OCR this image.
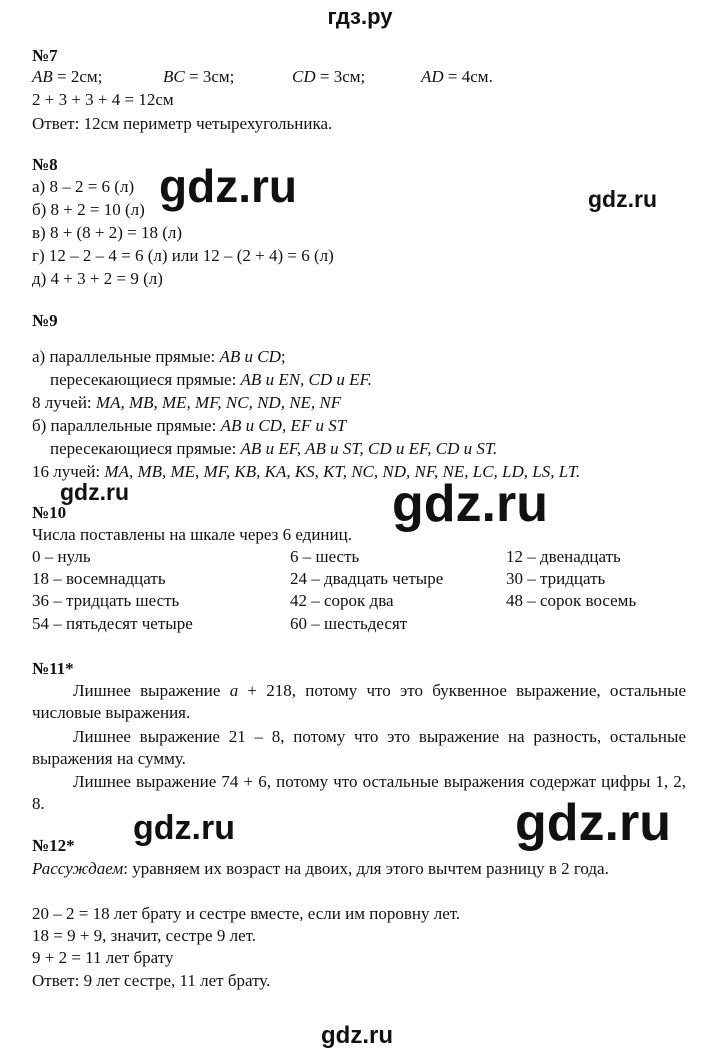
гдз.ру
gdz.ru	gdz.ru
gdz.ru	gdz.ru
gdz.ru	gdz.ru
gdz.ru
№7
AB = 2см;	BC = 3см;	CD = 3см;	AD = 4см.
2 + 3 + 3 + 4 = 12см
Ответ: 12см периметр четырехугольника.
№8
а) 8 – 2 = 6 (л)
б) 8 + 2 = 10 (л)
в) 8 + (8 + 2) = 18 (л)
г) 12 – 2 – 4 = 6 (л) или 12 – (2 + 4) = 6 (л)
д) 4 + 3 + 2 = 9 (л)
№9
а) параллельные прямые: AB и CD;
пересекающиеся прямые: AB и EN, CD и EF.
8 лучей: MA, MB, ME, MF, NC, ND, NE, NF
б) параллельные прямые: AB и CD, EF и ST
пересекающиеся прямые: AB и EF, AB и ST, CD и EF, CD и ST.
16 лучей: MA, MB, ME, MF, KB, KA, KS, KT, NC, ND, NF, NE, LC, LD, LS, LT.
№10
Числа поставлены на шкале через 6 единиц.
0 – нуль	6 – шесть	12 – двенадцать
18 – восемнадцать	24 – двадцать четыре	30 – тридцать
36 – тридцать шесть	42 – сорок два	48 – сорок восемь
54 – пятьдесят четыре	60 – шестьдесят
№11*
Лишнее выражение a + 218, потому что это буквенное выражение, остальные числовые выражения.
Лишнее выражение 21 – 8, потому что это выражение на разность, остальные выражения на сумму.
Лишнее выражение 74 + 6, потому что остальные выражения содержат цифры 1, 2, 8.
№12*
Рассуждаем: уравняем их возраст на двоих, для этого вычтем разницу в 2 года.
20 – 2 = 18 лет брату и сестре вместе, если им поровну лет.
18 = 9 + 9, значит, сестре 9 лет.
9 + 2 = 11 лет брату
Ответ: 9 лет сестре, 11 лет брату.
